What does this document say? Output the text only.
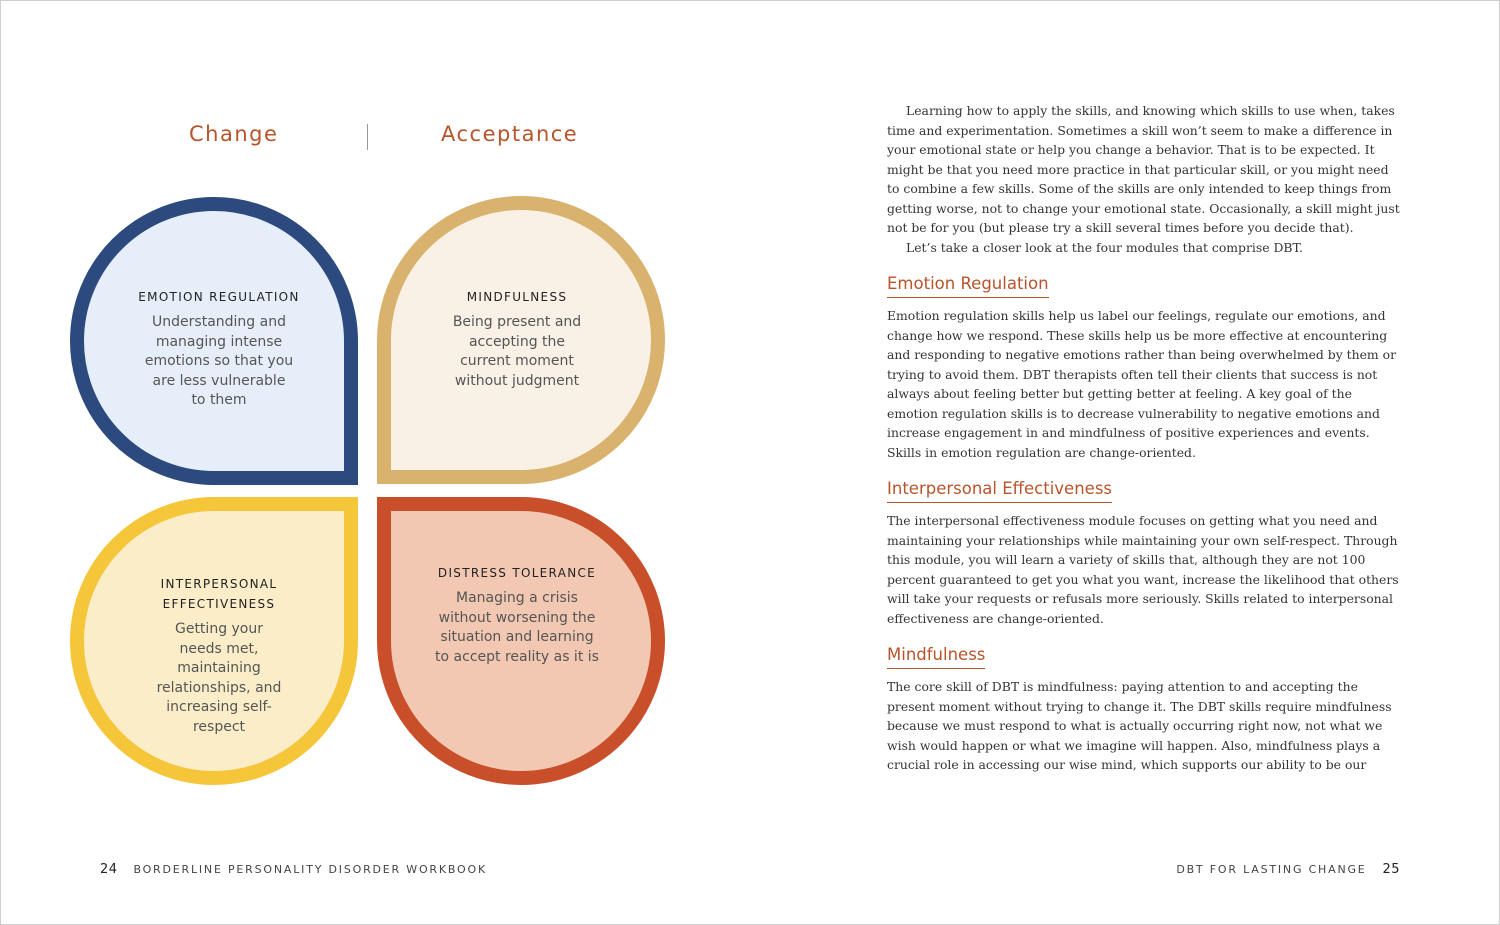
Change	Acceptance
EMOTION REGULATION
Understanding and managing intense emotions so that you are less vulnerable to them
MINDFULNESS
Being present and accepting the current moment without judgment
INTERPERSONAL EFFECTIVENESS
Getting your needs met, maintaining relationships, and increasing self-respect
DISTRESS TOLERANCE
Managing a crisis without worsening the situation and learning to accept reality as it is
24 BORDERLINE PERSONALITY DISORDER WORKBOOK

Learning how to apply the skills, and knowing which skills to use when, takes time and experimentation. Sometimes a skill won’t seem to make a difference in your emotional state or help you change a behavior. That is to be expected. It might be that you need more practice in that particular skill, or you might need to combine a few skills. Some of the skills are only intended to keep things from getting worse, not to change your emotional state. Occasionally, a skill might just not be for you (but please try a skill several times before you decide that).

Let’s take a closer look at the four modules that comprise DBT.

Emotion Regulation

Emotion regulation skills help us label our feelings, regulate our emotions, and change how we respond. These skills help us be more effective at encountering and responding to negative emotions rather than being overwhelmed by them or trying to avoid them. DBT therapists often tell their clients that success is not always about feeling better but getting better at feeling. A key goal of the emotion regulation skills is to decrease vulnerability to negative emotions and increase engagement in and mindfulness of positive experiences and events. Skills in emotion regulation are change-oriented.

Interpersonal Effectiveness

The interpersonal effectiveness module focuses on getting what you need and maintaining your relationships while maintaining your own self-respect. Through this module, you will learn a variety of skills that, although they are not 100 percent guaranteed to get you what you want, increase the likelihood that others will take your requests or refusals more seriously. Skills related to interpersonal effectiveness are change-oriented.

Mindfulness

The core skill of DBT is mindfulness: paying attention to and accepting the present moment without trying to change it. The DBT skills require mindfulness because we must respond to what is actually occurring right now, not what we wish would happen or what we imagine will happen. Also, mindfulness plays a crucial role in accessing our wise mind, which supports our ability to be our

DBT FOR LASTING CHANGE 25
